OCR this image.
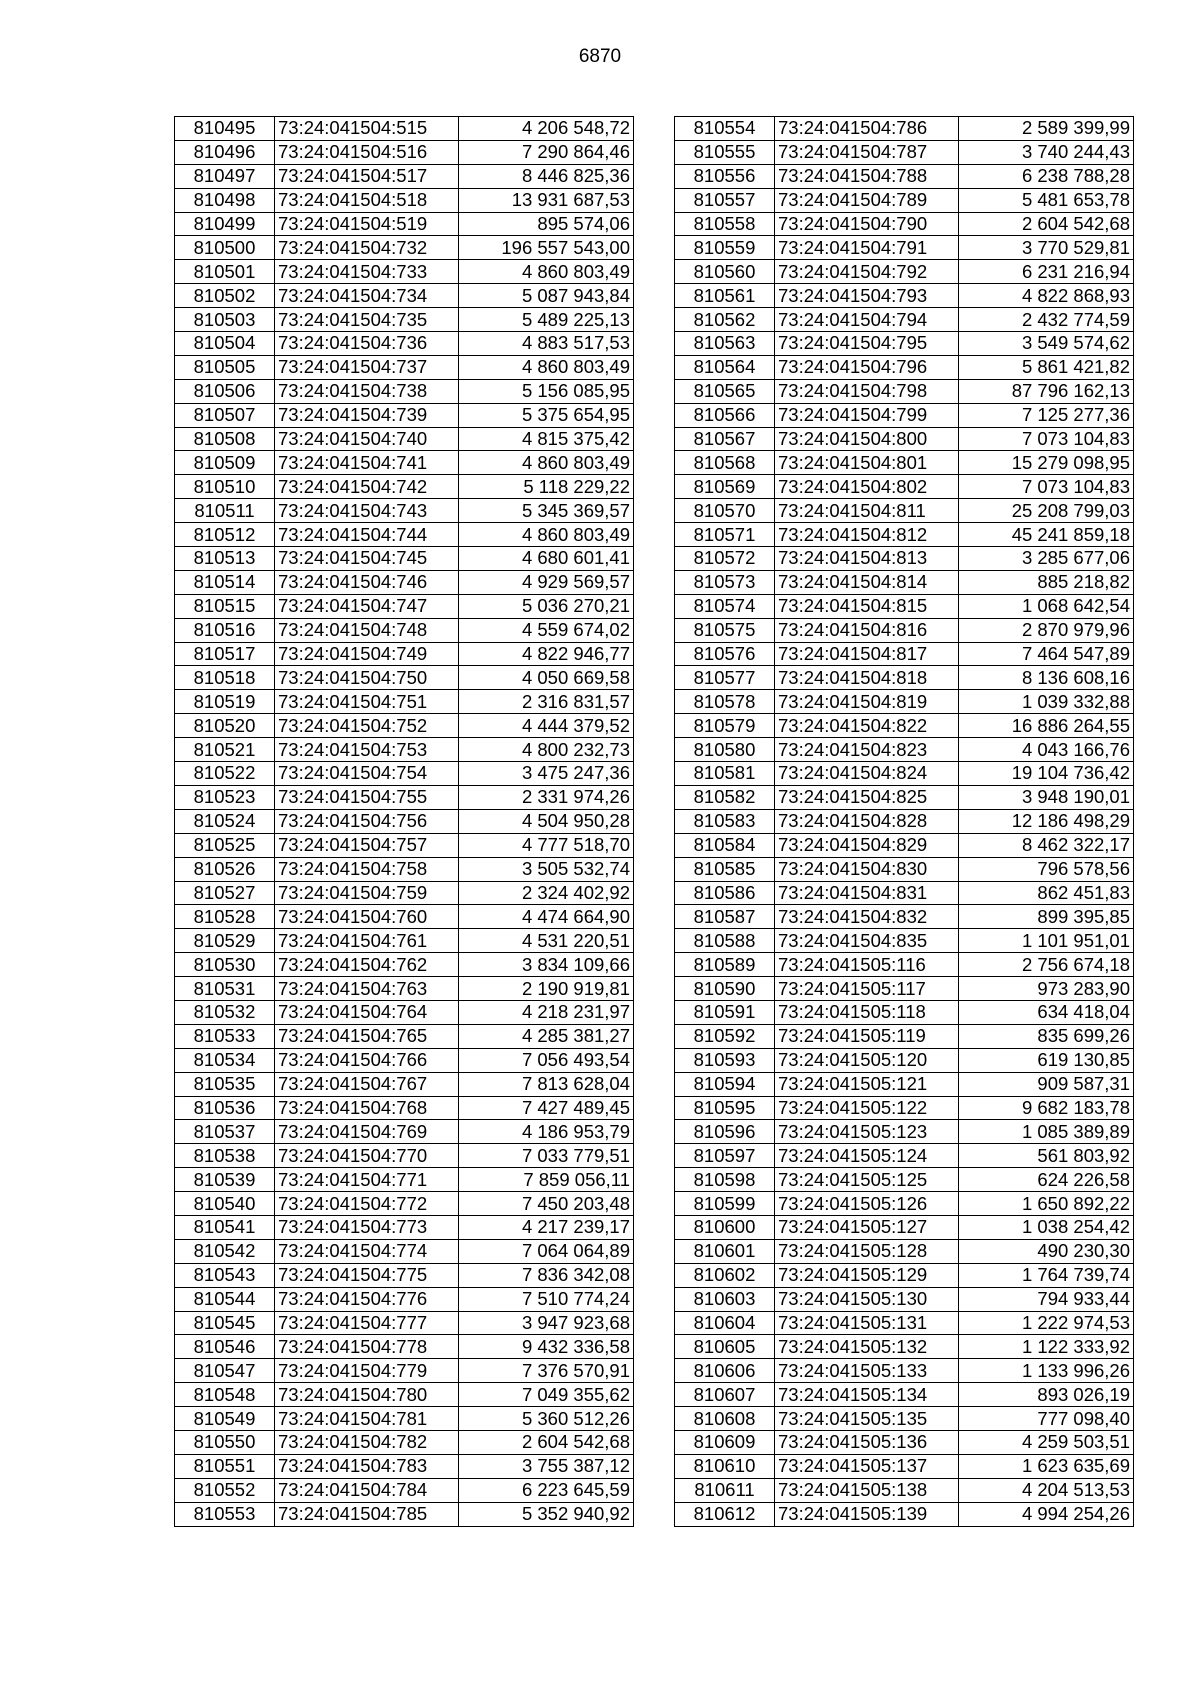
6870
810495	73:24:041504:515	4 206 548,72
810496	73:24:041504:516	7 290 864,46
810497	73:24:041504:517	8 446 825,36
810498	73:24:041504:518	13 931 687,53
810499	73:24:041504:519	895 574,06
810500	73:24:041504:732	196 557 543,00
810501	73:24:041504:733	4 860 803,49
810502	73:24:041504:734	5 087 943,84
810503	73:24:041504:735	5 489 225,13
810504	73:24:041504:736	4 883 517,53
810505	73:24:041504:737	4 860 803,49
810506	73:24:041504:738	5 156 085,95
810507	73:24:041504:739	5 375 654,95
810508	73:24:041504:740	4 815 375,42
810509	73:24:041504:741	4 860 803,49
810510	73:24:041504:742	5 118 229,22
810511	73:24:041504:743	5 345 369,57
810512	73:24:041504:744	4 860 803,49
810513	73:24:041504:745	4 680 601,41
810514	73:24:041504:746	4 929 569,57
810515	73:24:041504:747	5 036 270,21
810516	73:24:041504:748	4 559 674,02
810517	73:24:041504:749	4 822 946,77
810518	73:24:041504:750	4 050 669,58
810519	73:24:041504:751	2 316 831,57
810520	73:24:041504:752	4 444 379,52
810521	73:24:041504:753	4 800 232,73
810522	73:24:041504:754	3 475 247,36
810523	73:24:041504:755	2 331 974,26
810524	73:24:041504:756	4 504 950,28
810525	73:24:041504:757	4 777 518,70
810526	73:24:041504:758	3 505 532,74
810527	73:24:041504:759	2 324 402,92
810528	73:24:041504:760	4 474 664,90
810529	73:24:041504:761	4 531 220,51
810530	73:24:041504:762	3 834 109,66
810531	73:24:041504:763	2 190 919,81
810532	73:24:041504:764	4 218 231,97
810533	73:24:041504:765	4 285 381,27
810534	73:24:041504:766	7 056 493,54
810535	73:24:041504:767	7 813 628,04
810536	73:24:041504:768	7 427 489,45
810537	73:24:041504:769	4 186 953,79
810538	73:24:041504:770	7 033 779,51
810539	73:24:041504:771	7 859 056,11
810540	73:24:041504:772	7 450 203,48
810541	73:24:041504:773	4 217 239,17
810542	73:24:041504:774	7 064 064,89
810543	73:24:041504:775	7 836 342,08
810544	73:24:041504:776	7 510 774,24
810545	73:24:041504:777	3 947 923,68
810546	73:24:041504:778	9 432 336,58
810547	73:24:041504:779	7 376 570,91
810548	73:24:041504:780	7 049 355,62
810549	73:24:041504:781	5 360 512,26
810550	73:24:041504:782	2 604 542,68
810551	73:24:041504:783	3 755 387,12
810552	73:24:041504:784	6 223 645,59
810553	73:24:041504:785	5 352 940,92
810554	73:24:041504:786	2 589 399,99
810555	73:24:041504:787	3 740 244,43
810556	73:24:041504:788	6 238 788,28
810557	73:24:041504:789	5 481 653,78
810558	73:24:041504:790	2 604 542,68
810559	73:24:041504:791	3 770 529,81
810560	73:24:041504:792	6 231 216,94
810561	73:24:041504:793	4 822 868,93
810562	73:24:041504:794	2 432 774,59
810563	73:24:041504:795	3 549 574,62
810564	73:24:041504:796	5 861 421,82
810565	73:24:041504:798	87 796 162,13
810566	73:24:041504:799	7 125 277,36
810567	73:24:041504:800	7 073 104,83
810568	73:24:041504:801	15 279 098,95
810569	73:24:041504:802	7 073 104,83
810570	73:24:041504:811	25 208 799,03
810571	73:24:041504:812	45 241 859,18
810572	73:24:041504:813	3 285 677,06
810573	73:24:041504:814	885 218,82
810574	73:24:041504:815	1 068 642,54
810575	73:24:041504:816	2 870 979,96
810576	73:24:041504:817	7 464 547,89
810577	73:24:041504:818	8 136 608,16
810578	73:24:041504:819	1 039 332,88
810579	73:24:041504:822	16 886 264,55
810580	73:24:041504:823	4 043 166,76
810581	73:24:041504:824	19 104 736,42
810582	73:24:041504:825	3 948 190,01
810583	73:24:041504:828	12 186 498,29
810584	73:24:041504:829	8 462 322,17
810585	73:24:041504:830	796 578,56
810586	73:24:041504:831	862 451,83
810587	73:24:041504:832	899 395,85
810588	73:24:041504:835	1 101 951,01
810589	73:24:041505:116	2 756 674,18
810590	73:24:041505:117	973 283,90
810591	73:24:041505:118	634 418,04
810592	73:24:041505:119	835 699,26
810593	73:24:041505:120	619 130,85
810594	73:24:041505:121	909 587,31
810595	73:24:041505:122	9 682 183,78
810596	73:24:041505:123	1 085 389,89
810597	73:24:041505:124	561 803,92
810598	73:24:041505:125	624 226,58
810599	73:24:041505:126	1 650 892,22
810600	73:24:041505:127	1 038 254,42
810601	73:24:041505:128	490 230,30
810602	73:24:041505:129	1 764 739,74
810603	73:24:041505:130	794 933,44
810604	73:24:041505:131	1 222 974,53
810605	73:24:041505:132	1 122 333,92
810606	73:24:041505:133	1 133 996,26
810607	73:24:041505:134	893 026,19
810608	73:24:041505:135	777 098,40
810609	73:24:041505:136	4 259 503,51
810610	73:24:041505:137	1 623 635,69
810611	73:24:041505:138	4 204 513,53
810612	73:24:041505:139	4 994 254,26
